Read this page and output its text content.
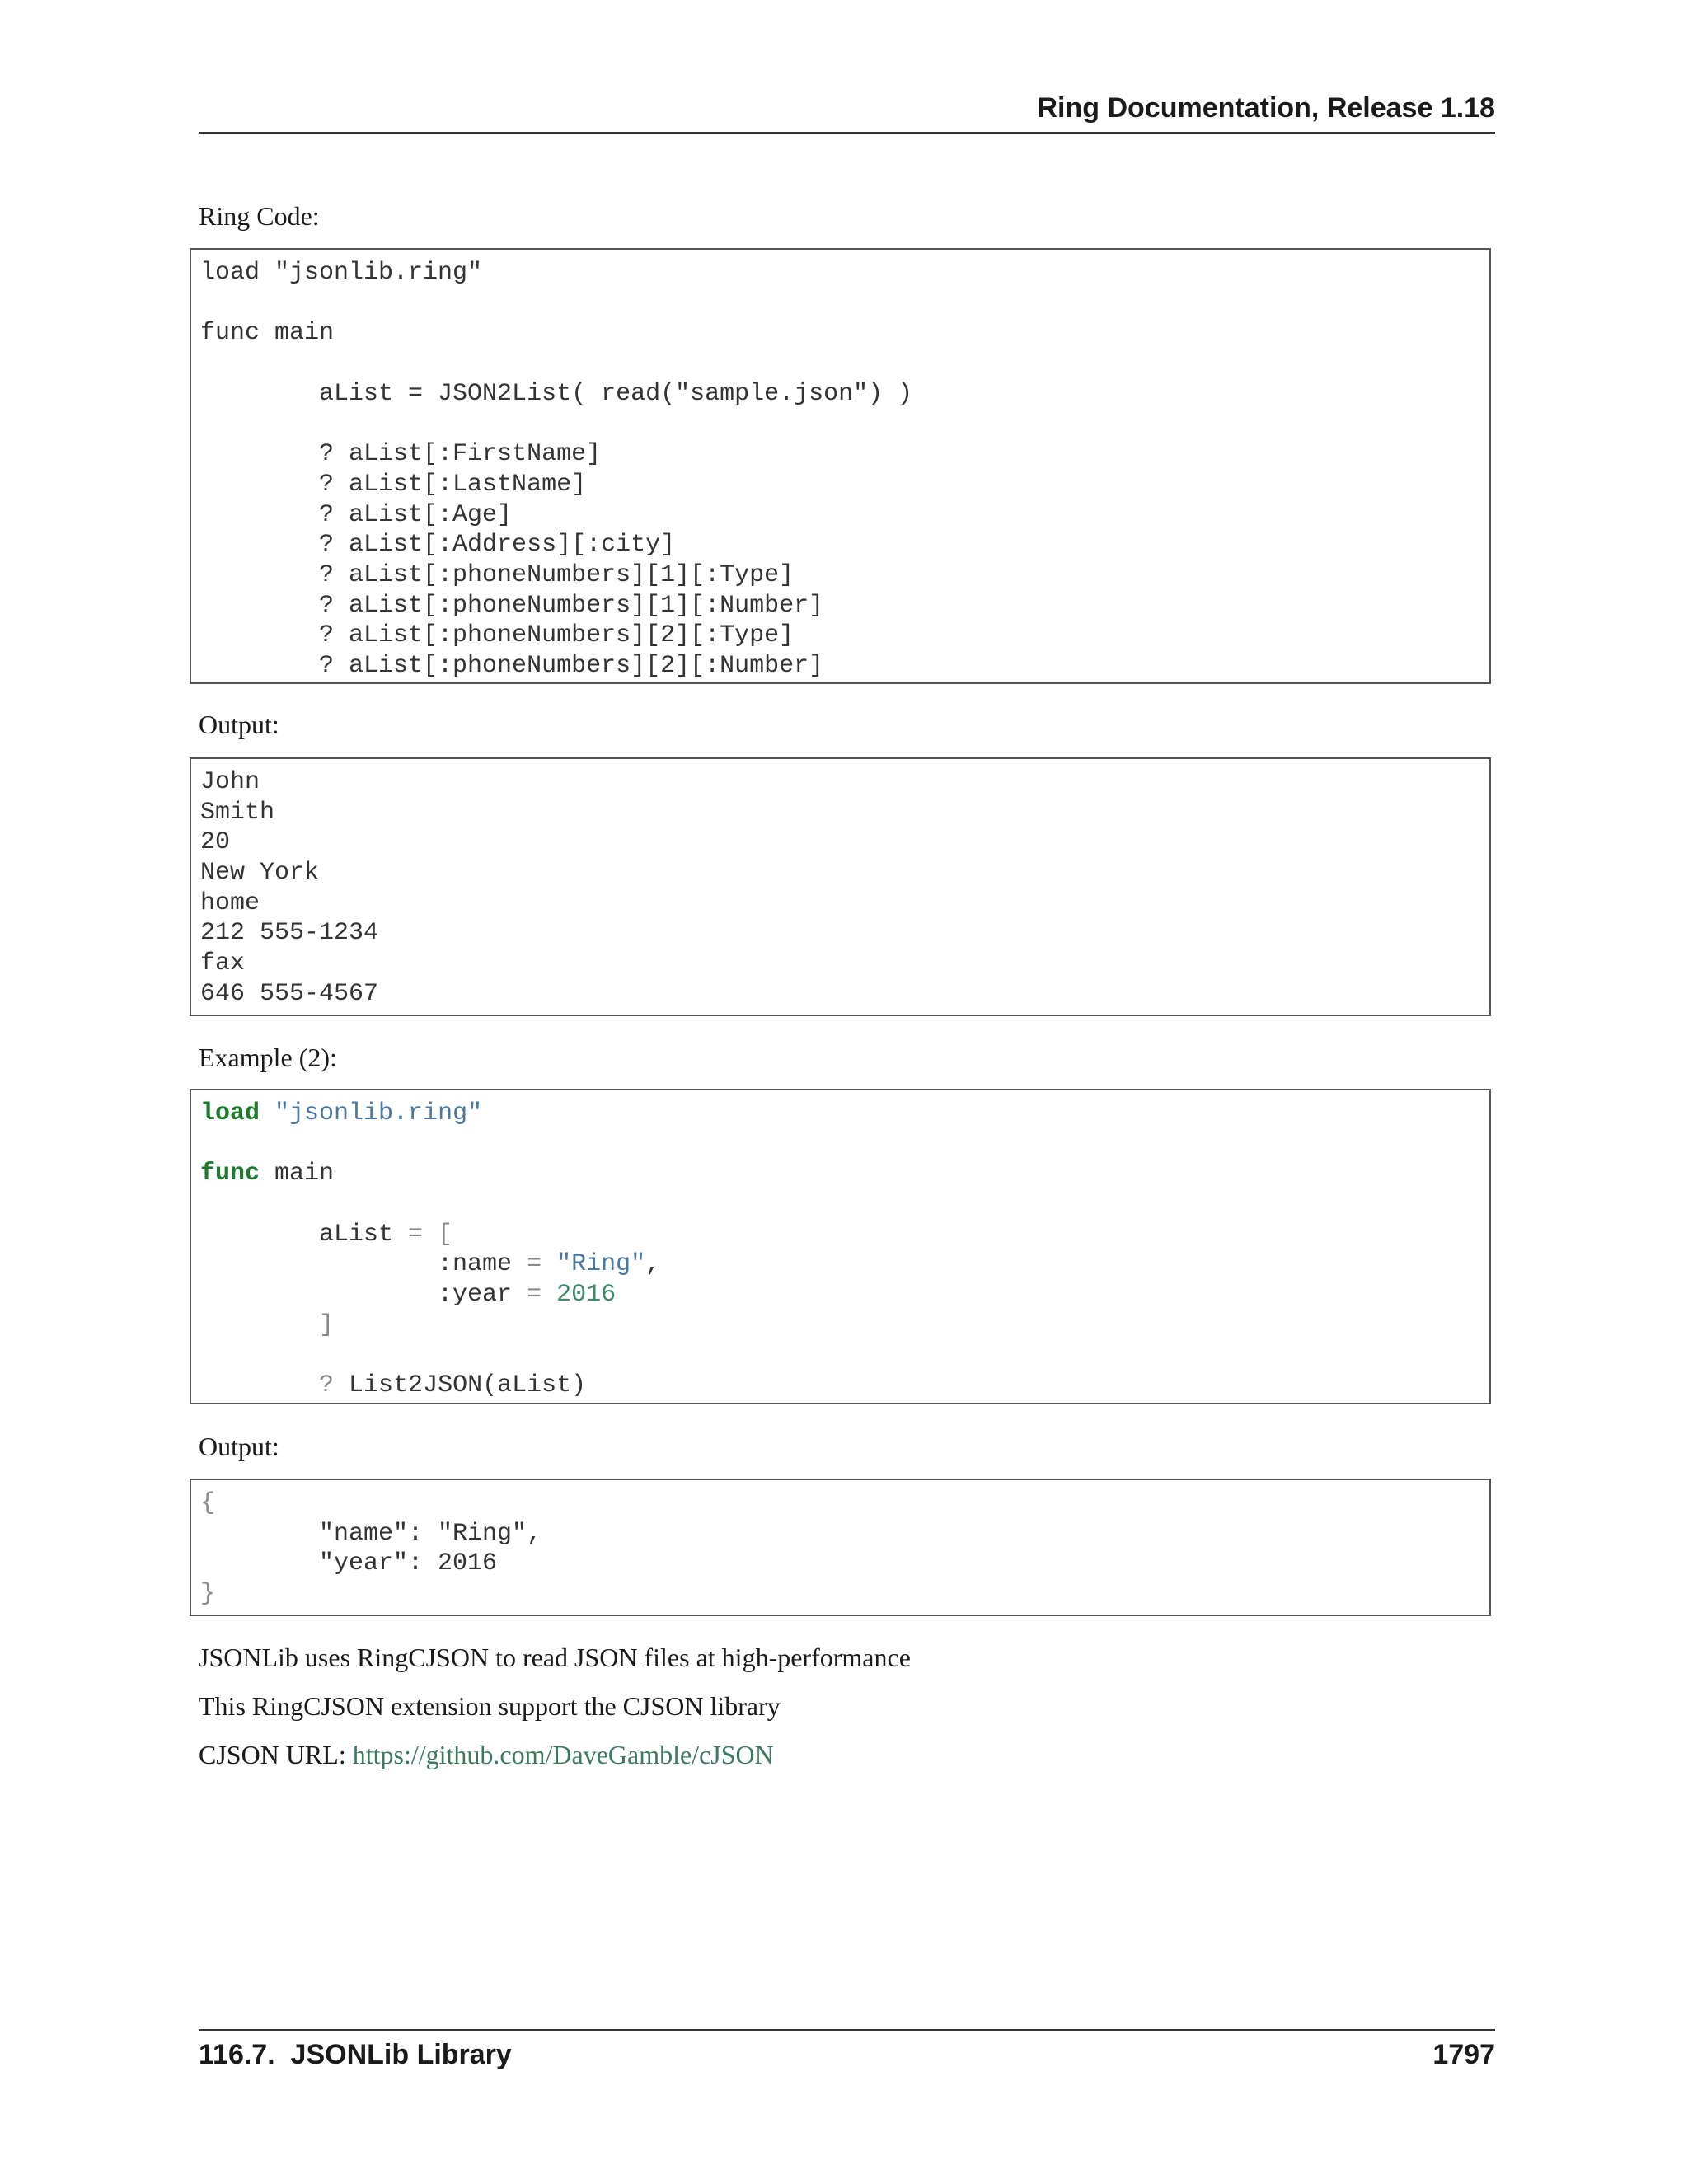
Ring Documentation, Release 1.18
Ring Code:
load "jsonlib.ring"
func main
aList = JSON2List( read("sample.json") )
? aList[:FirstName]
? aList[:LastName]
? aList[:Age]
? aList[:Address][:city]
? aList[:phoneNumbers][1][:Type]
? aList[:phoneNumbers][1][:Number]
? aList[:phoneNumbers][2][:Type]
? aList[:phoneNumbers][2][:Number]
Output:
John
Smith
20
New York
home
212 555-1234
fax
646 555-4567
Example (2):
load "jsonlib.ring"
func main
aList = [
:name = "Ring",
:year = 2016
]
? List2JSON(aList)
Output:
{
"name": "Ring",
"year": 2016
}
JSONLib uses RingCJSON to read JSON files at high-performance
This RingCJSON extension support the CJSON library
CJSON URL: https://github.com/DaveGamble/cJSON
116.7.  JSONLib Library	1797
